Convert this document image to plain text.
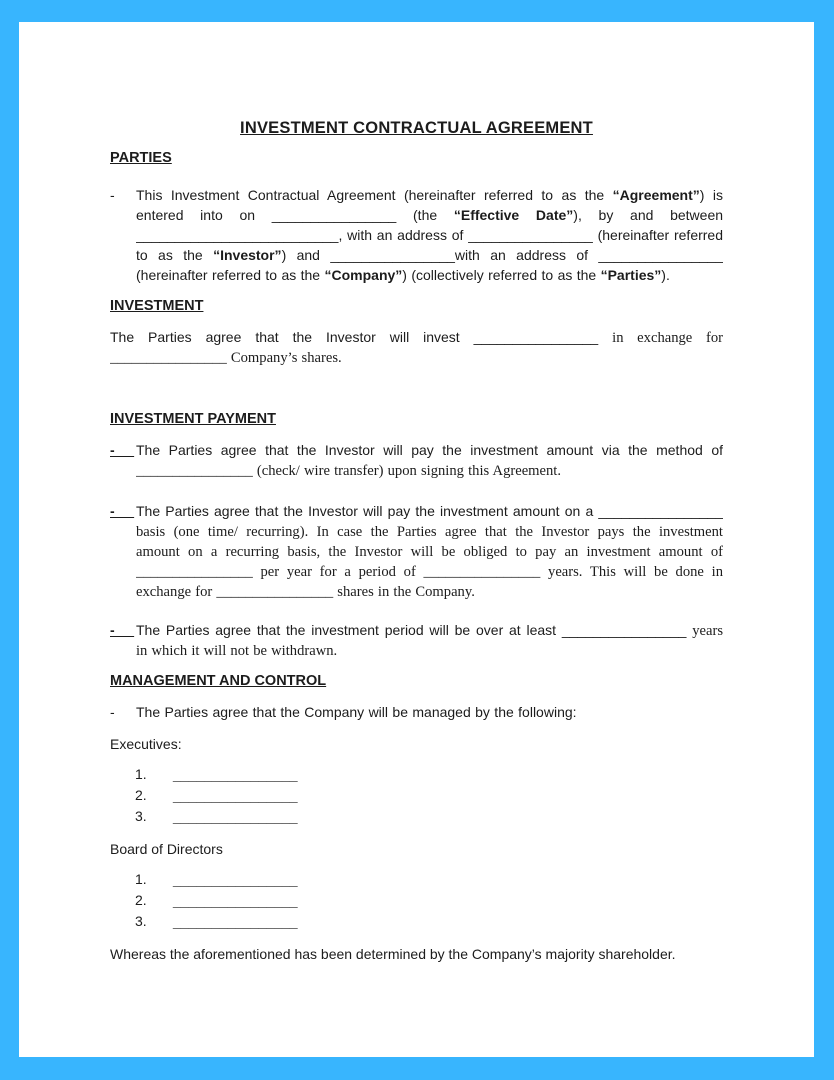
INVESTMENT CONTRACTUAL AGREEMENT
PARTIES
- This Investment Contractual Agreement (hereinafter referred to as the “Agreement”) is
entered into on ________________ (the “Effective Date”), by and between
__________________________, with an address of ________________ (hereinafter referred
to as the “Investor”) and ________________with an address of ________________
(hereinafter referred to as the “Company”) (collectively referred to as the “Parties”).
INVESTMENT
The Parties agree that the Investor will invest ________________ in exchange for
________________ Company’s shares.
INVESTMENT PAYMENT
- The Parties agree that the Investor will pay the investment amount via the method of
________________ (check/ wire transfer) upon signing this Agreement.
- The Parties agree that the Investor will pay the investment amount on a ________________
basis (one time/ recurring). In case the Parties agree that the Investor pays the investment
amount on a recurring basis, the Investor will be obliged to pay an investment amount of
________________ per year for a period of ________________ years. This will be done in
exchange for ________________ shares in the Company.
- The Parties agree that the investment period will be over at least ________________ years
in which it will not be withdrawn.
MANAGEMENT AND CONTROL
- The Parties agree that the Company will be managed by the following:
Executives:
1. ________________
2. ________________
3. ________________
Board of Directors
1. ________________
2. ________________
3. ________________
Whereas the aforementioned has been determined by the Company’s majority shareholder.
